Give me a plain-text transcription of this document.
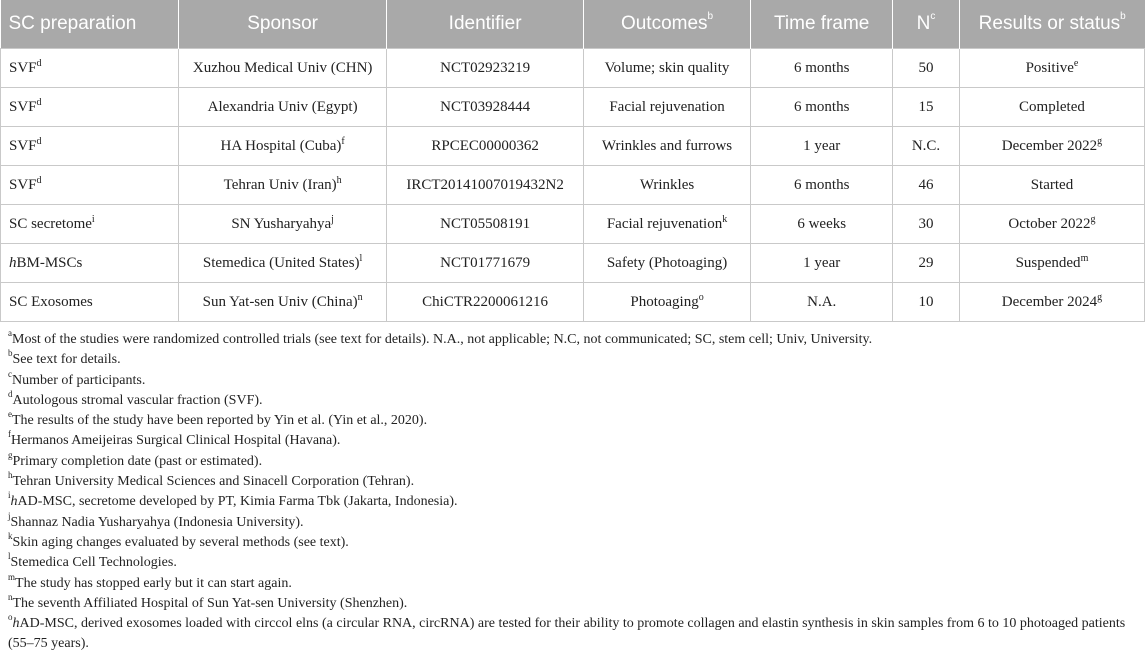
SC preparation	Sponsor	Identifier	Outcomes$^b$	Time frame	$N^c$	Results or status$^b$
SVF$^d$	Xuzhou Medical Univ (CHN)	NCT02923219	Volume; skin quality	6 months	50	Positive$^e$
SVF$^d$	Alexandria Univ (Egypt)	NCT03928444	Facial rejuvenation	6 months	15	Completed
SVF$^d$	HA Hospital (Cuba)$^f$	RPCEC00000362	Wrinkles and furrows	1 year	N.C.	December 2022$^g$
SVF$^d$	Tehran Univ (Iran)$^h$	IRCT20141007019432N2	Wrinkles	6 months	46	Started
SC secretome$^i$	SN Yusharyahya$^j$	NCT05508191	Facial rejuvenation$^k$	6 weeks	30	October 2022$^g$
hBM-MSCs	Stemedica (United States)$^l$	NCT01771679	Safety (Photoaging)	1 year	29	Suspended$^m$
SC Exosomes	Sun Yat-sen Univ (China)$^n$	ChiCTR2200061216	Photoaging$^o$	N.A.	10	December 2024$^g$

$^a$Most of the studies were randomized controlled trials (see text for details). N.A., not applicable; N.C, not communicated; SC, stem cell; Univ, University.

$^b$See text for details.

$^c$Number of participants.

$^d$Autologous stromal vascular fraction (SVF).

$^e$The results of the study have been reported by Yin et al. (Yin et al., 2020).

$^f$Hermanos Ameijeiras Surgical Clinical Hospital (Havana).

$^g$Primary completion date (past or estimated).

$^h$Tehran University Medical Sciences and Sinacell Corporation (Tehran).

$^i$hAD-MSC, secretome developed by PT, Kimia Farma Tbk (Jakarta, Indonesia).

$^j$Shannaz Nadia Yusharyahya (Indonesia University).

$^k$Skin aging changes evaluated by several methods (see text).

$^l$Stemedica Cell Technologies.

$^m$The study has stopped early but it can start again.

$^n$The seventh Affiliated Hospital of Sun Yat-sen University (Shenzhen).

$^o$hAD-MSC, derived exosomes loaded with circcol elns (a circular RNA, circRNA) are tested for their ability to promote collagen and elastin synthesis in skin samples from 6 to 10 photoaged patients (55–75 years).
